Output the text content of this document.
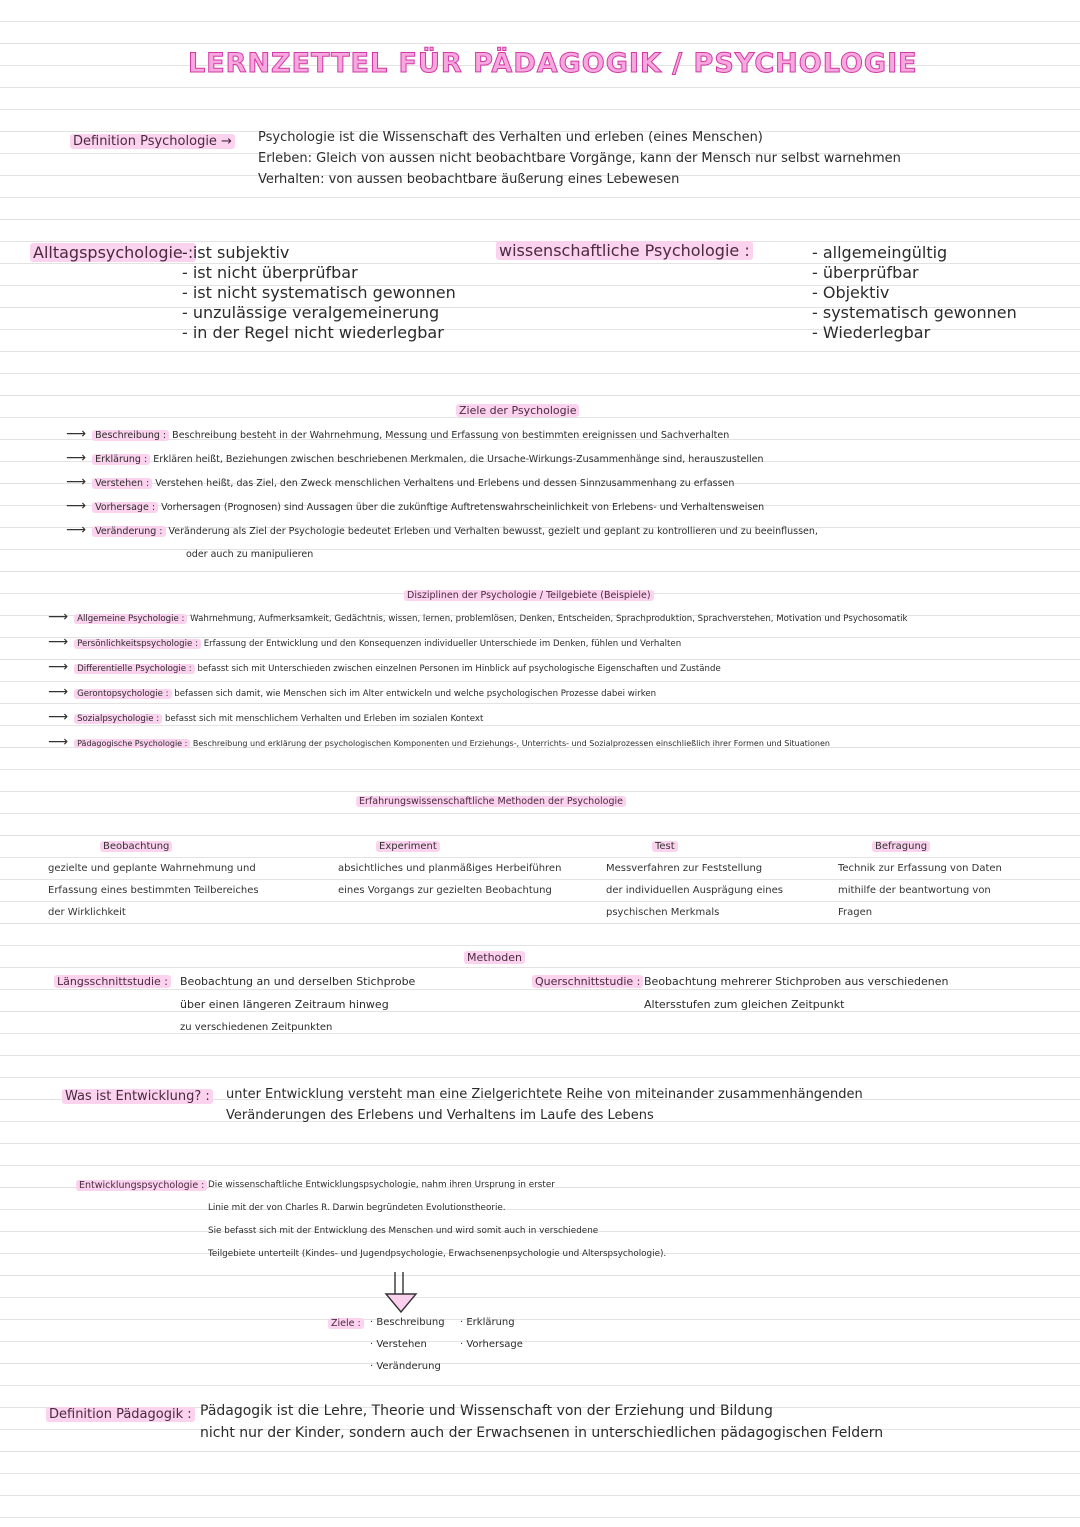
LERNZETTEL FÜR PÄDAGOGIK / PSYCHOLOGIE
Definition Psychologie → Psychologie ist die Wissenschaft des Verhalten und erleben (eines Menschen)
Erleben: Gleich von aussen nicht beobachtbare Vorgänge, kann der Mensch nur selbst warnehmen
Verhalten: von aussen beobachtbare äußerung eines Lebewesen
Alltagspsychologie :
- ist subjektiv
- ist nicht überprüfbar
- ist nicht systematisch gewonnen
- unzulässige veralgemeinerung
- in der Regel nicht wiederlegbar
wissenschaftliche Psychologie :	- allgemeingültig
- überprüfbar
- Objektiv
- systematisch gewonnen
- Wiederlegbar
Ziele der Psychologie
⟶ Beschreibung : Beschreibung besteht in der Wahrnehmung, Messung und Erfassung von bestimmten ereignissen und Sachverhalten
⟶ Erklärung : Erklären heißt, Beziehungen zwischen beschriebenen Merkmalen, die Ursache-Wirkungs-Zusammenhänge sind, herauszustellen
⟶ Verstehen : Verstehen heißt, das Ziel, den Zweck menschlichen Verhaltens und Erlebens und dessen Sinnzusammenhang zu erfassen
⟶ Vorhersage : Vorhersagen (Prognosen) sind Aussagen über die zukünftige Auftretenswahrscheinlichkeit von Erlebens- und Verhaltensweisen
⟶ Veränderung : Veränderung als Ziel der Psychologie bedeutet Erleben und Verhalten bewusst, gezielt und geplant zu kontrollieren und zu beeinflussen,
oder auch zu manipulieren
Disziplinen der Psychologie / Teilgebiete (Beispiele)
⟶ Allgemeine Psychologie : Wahrnehmung, Aufmerksamkeit, Gedächtnis, wissen, lernen, problemlösen, Denken, Entscheiden, Sprachproduktion, Sprachverstehen, Motivation und Psychosomatik
⟶ Persönlichkeitspsychologie : Erfassung der Entwicklung und den Konsequenzen individueller Unterschiede im Denken, fühlen und Verhalten
⟶ Differentielle Psychologie : befasst sich mit Unterschieden zwischen einzelnen Personen im Hinblick auf psychologische Eigenschaften und Zustände
⟶ Gerontopsychologie : befassen sich damit, wie Menschen sich im Alter entwickeln und welche psychologischen Prozesse dabei wirken
⟶ Sozialpsychologie : befasst sich mit menschlichem Verhalten und Erleben im sozialen Kontext
⟶ Pädagogische Psychologie : Beschreibung und erklärung der psychologischen Komponenten und Erziehungs-, Unterrichts- und Sozialprozessen einschließlich ihrer Formen und Situationen
Erfahrungswissenschaftliche Methoden der Psychologie
Beobachtung
gezielte und geplante Wahrnehmung und
Erfassung eines bestimmten Teilbereiches
der Wirklichkeit
Experiment
absichtliches und planmäßiges Herbeiführen
eines Vorgangs zur gezielten Beobachtung
Test
Messverfahren zur Feststellung
der individuellen Ausprägung eines
psychischen Merkmals
Befragung
Technik zur Erfassung von Daten
mithilfe der beantwortung von
Fragen
Methoden
Längsschnittstudie : Beobachtung an und derselben Stichprobe
über einen längeren Zeitraum hinweg
zu verschiedenen Zeitpunkten
Querschnittstudie : Beobachtung mehrerer Stichproben aus verschiedenen
Altersstufen zum gleichen Zeitpunkt
Was ist Entwicklung? : unter Entwicklung versteht man eine Zielgerichtete Reihe von miteinander zusammenhängenden
Veränderungen des Erlebens und Verhaltens im Laufe des Lebens
Entwicklungspsychologie : Die wissenschaftliche Entwicklungspsychologie, nahm ihren Ursprung in erster
Linie mit der von Charles R. Darwin begründeten Evolutionstheorie.
Sie befasst sich mit der Entwicklung des Menschen und wird somit auch in verschiedene
Teilgebiete unterteilt (Kindes- und Jugendpsychologie, Erwachsenenpsychologie und Alterspsychologie).
Ziele : · Beschreibung
· Verstehen
· Veränderung
· Erklärung
· Vorhersage
Definition Pädagogik : Pädagogik ist die Lehre, Theorie und Wissenschaft von der Erziehung und Bildung
nicht nur der Kinder, sondern auch der Erwachsenen in unterschiedlichen pädagogischen Feldern
